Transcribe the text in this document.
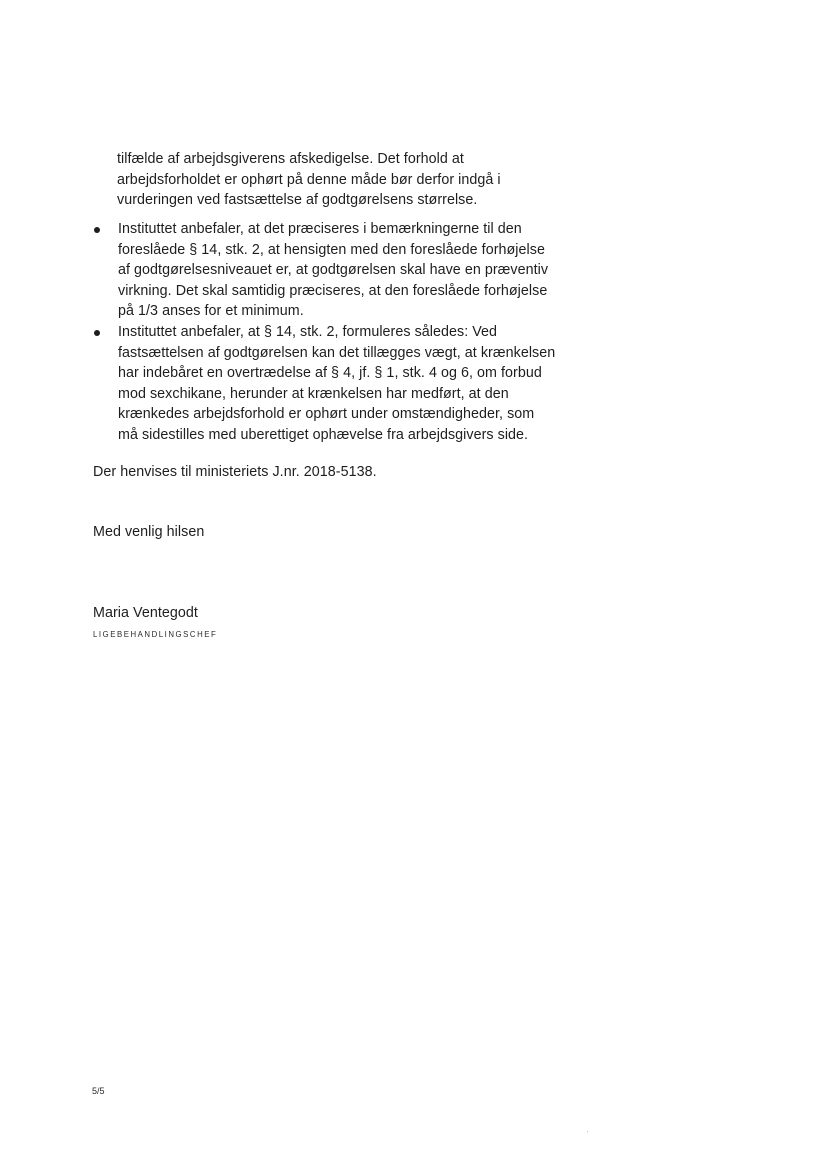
tilfælde af arbejdsgiverens afskedigelse. Det forhold at
arbejdsforholdet er ophørt på denne måde bør derfor indgå i
vurderingen ved fastsættelse af godtgørelsens størrelse.
Instituttet anbefaler, at det præciseres i bemærkningerne til den
foreslåede § 14, stk. 2, at hensigten med den foreslåede forhøjelse
af godtgørelsesniveauet er, at godtgørelsen skal have en præventiv
virkning. Det skal samtidig præciseres, at den foreslåede forhøjelse
på 1/3 anses for et minimum.
Instituttet anbefaler, at § 14, stk. 2, formuleres således: Ved
fastsættelsen af godtgørelsen kan det tillægges vægt, at krænkelsen
har indebåret en overtrædelse af § 4, jf. § 1, stk. 4 og 6, om forbud
mod sexchikane, herunder at krænkelsen har medført, at den
krænkedes arbejdsforhold er ophørt under omstændigheder, som
må sidestilles med uberettiget ophævelse fra arbejdsgivers side.
Der henvises til ministeriets J.nr. 2018-5138.
Med venlig hilsen
Maria Ventegodt
LIGEBEHANDLINGSCHEF
5/5
